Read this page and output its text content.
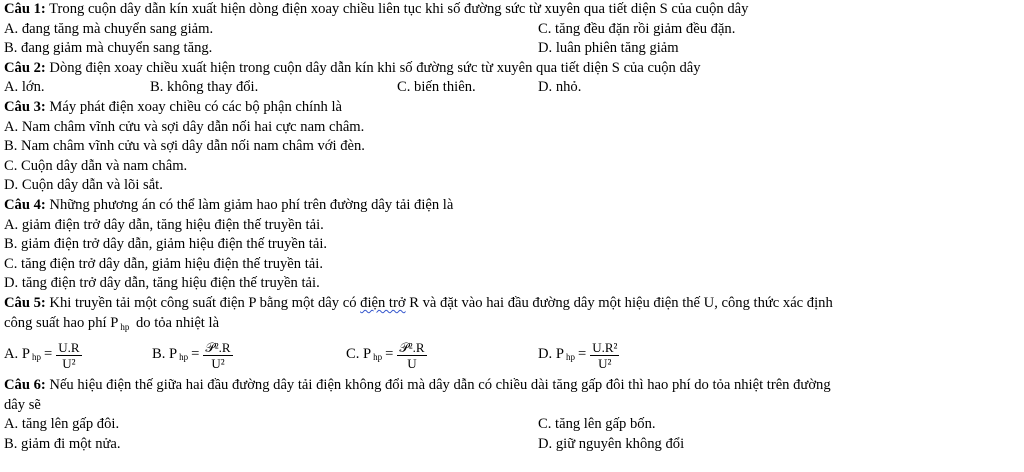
Câu 1: Trong cuộn dây dẫn kín xuất hiện dòng điện xoay chiều liên tục khi số đường sức từ xuyên qua tiết diện S của cuộn dây
A. đang tăng mà chuyển sang giảm.	C. tăng đều đặn rồi giảm đều đặn.
B. đang giảm mà chuyển sang tăng.	D. luân phiên tăng giảm
Câu 2: Dòng điện xoay chiều xuất hiện trong cuộn dây dẫn kín khi số đường sức từ xuyên qua tiết diện S của cuộn dây
A. lớn.	B. không thay đổi.	C. biến thiên.	D. nhỏ.
Câu 3: Máy phát điện xoay chiều có các bộ phận chính là
A. Nam châm vĩnh cửu và sợi dây dẫn nối hai cực nam châm.
B. Nam châm vĩnh cửu và sợi dây dẫn nối nam châm với đèn.
C. Cuộn dây dẫn và nam châm.
D. Cuộn dây dẫn và lõi sắt.
Câu 4: Những phương án có thể làm giảm hao phí trên đường dây tải điện là
A. giảm điện trở dây dẫn, tăng hiệu điện thế truyền tải.
B. giảm điện trở dây dẫn, giảm hiệu điện thế truyền tải.
C. tăng điện trở dây dẫn, giảm hiệu điện thế truyền tải.
D. tăng điện trở dây dẫn, tăng hiệu điện thế truyền tải.
Câu 5: Khi truyền tải một công suất điện P bằng một dây có điện trở R và đặt vào hai đầu đường dây một hiệu điện thế U, công thức xác định
công suất hao phí P $_{hp}$ do tỏa nhiệt là
A. P hp = $\frac{U.R}{\text{U²}}$	B. P hp = $\frac{\text{𝒫².R}}{\text{U²}}$	C. P hp = $\frac{\text{𝒫².R}}{U}$	D. P hp = $\frac{\text{U.R²}}{\text{U²}}$
Câu 6: Nếu hiệu điện thế giữa hai đầu đường dây tải điện không đổi mà dây dẫn có chiều dài tăng gấp đôi thì hao phí do tỏa nhiệt trên đường
dây sẽ
A. tăng lên gấp đôi.	C. tăng lên gấp bốn.
B. giảm đi một nửa.	D. giữ nguyên không đổi
